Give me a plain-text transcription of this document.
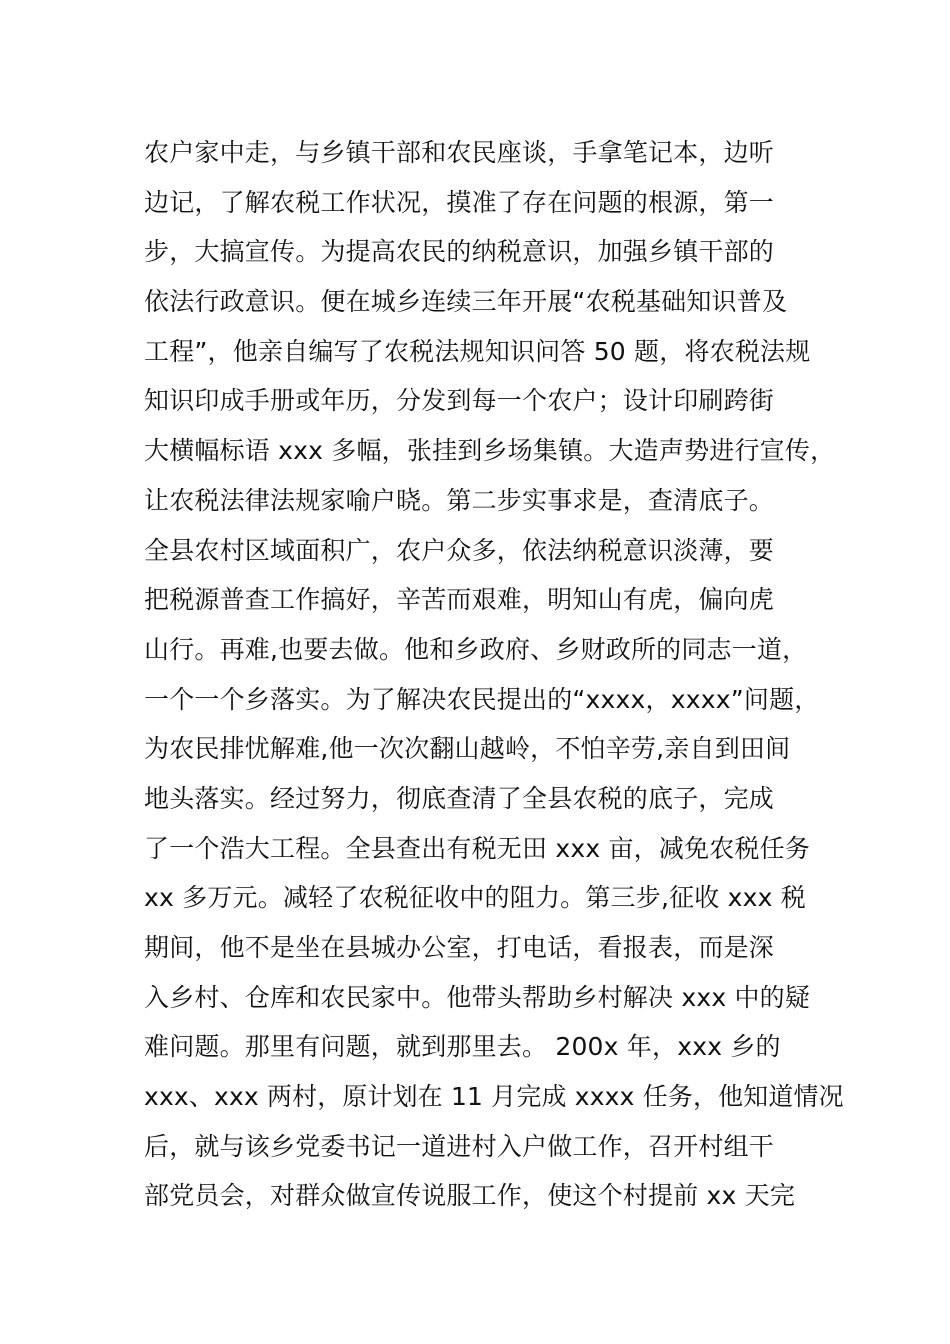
农户家中走，与乡镇干部和农民座谈，手拿笔记本，边听
边记，了解农税工作状况，摸准了存在问题的根源，第一
步，大搞宣传。为提高农民的纳税意识，加强乡镇干部的
依法行政意识。便在城乡连续三年开展“农税基础知识普及
工程”，他亲自编写了农税法规知识问答 50 题，将农税法规
知识印成手册或年历，分发到每一个农户；设计印刷跨街
大横幅标语 xxx 多幅，张挂到乡场集镇。大造声势进行宣传，
让农税法律法规家喻户晓。第二步实事求是，查清底子。
全县农村区域面积广，农户众多，依法纳税意识淡薄，要
把税源普查工作搞好，辛苦而艰难，明知山有虎，偏向虎
山行。再难,也要去做。他和乡政府、乡财政所的同志一道，
一个一个乡落实。为了解决农民提出的“xxxx，xxxx”问题，
为农民排忧解难,他一次次翻山越岭，不怕辛劳,亲自到田间
地头落实。经过努力，彻底查清了全县农税的底子，完成
了一个浩大工程。全县查出有税无田 xxx 亩，减免农税任务
xx 多万元。减轻了农税征收中的阻力。第三步,征收 xxx 税
期间，他不是坐在县城办公室，打电话，看报表，而是深
入乡村、仓库和农民家中。他带头帮助乡村解决 xxx 中的疑
难问题。那里有问题，就到那里去。 200x 年，xxx 乡的
xxx、xxx 两村，原计划在 11 月完成 xxxx 任务，他知道情况
后，就与该乡党委书记一道进村入户做工作，召开村组干
部党员会，对群众做宣传说服工作，使这个村提前 xx 天完
